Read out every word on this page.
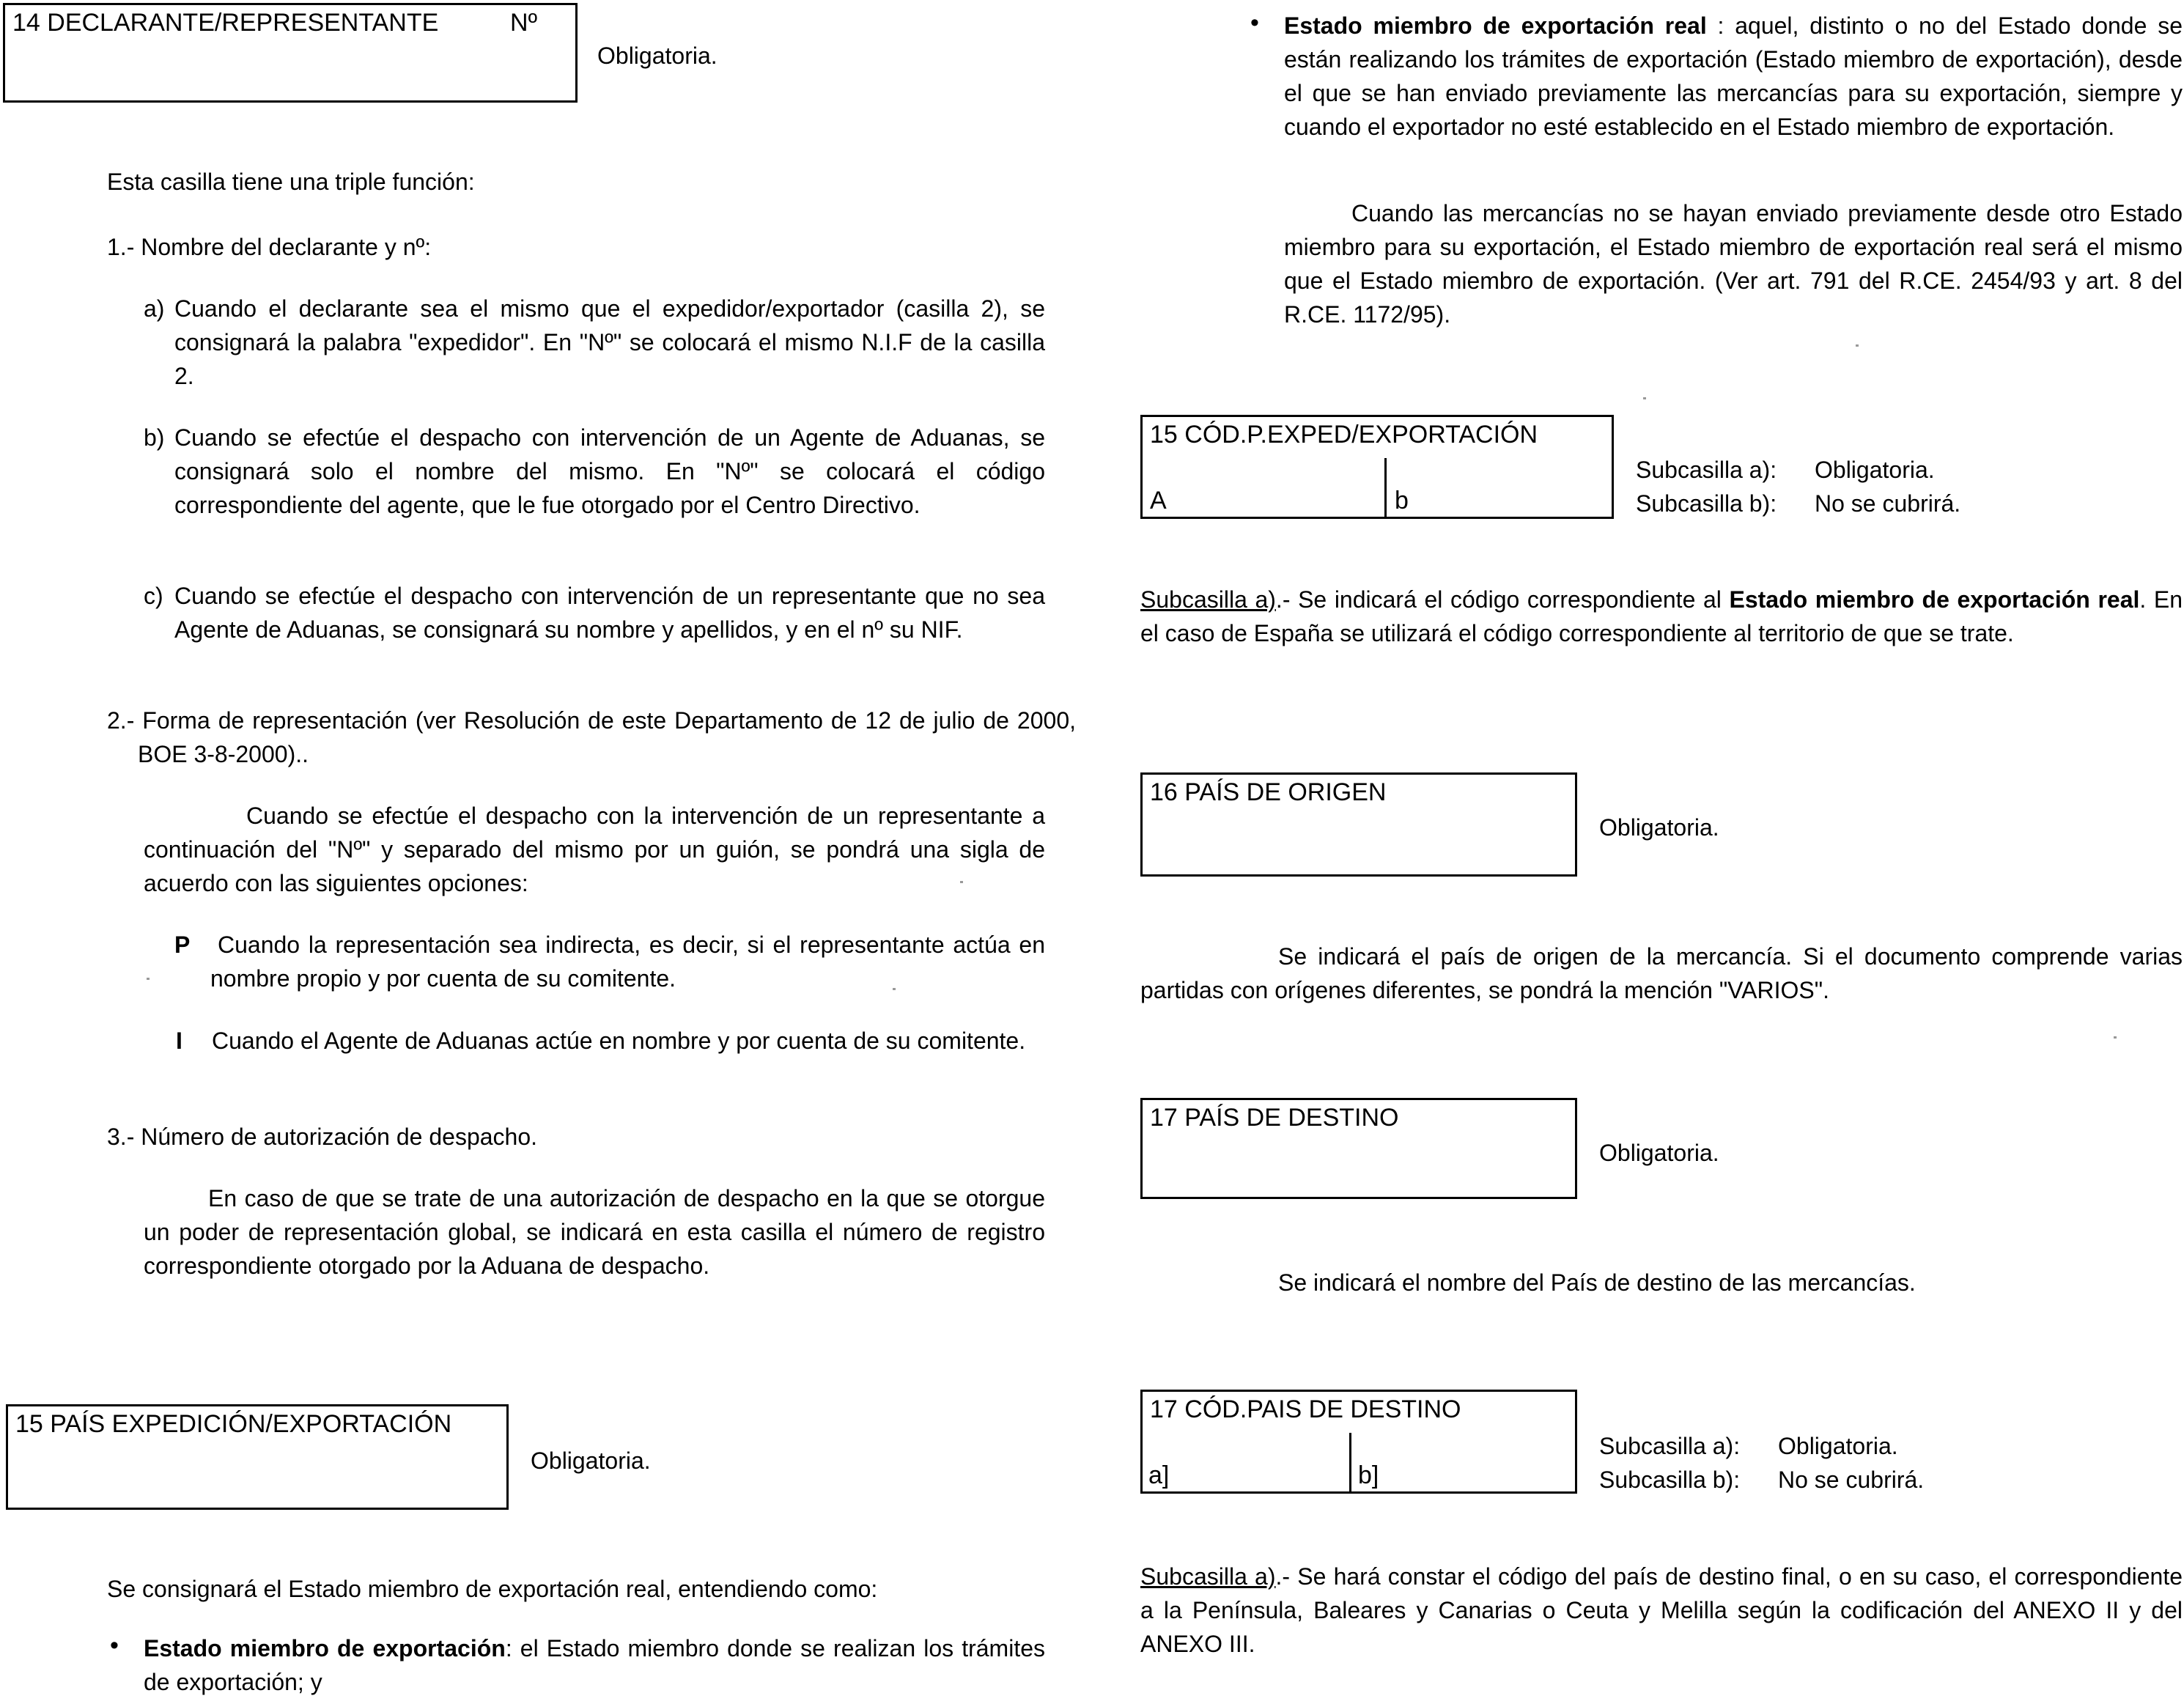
14 DECLARANTE/REPRESENTANTE	Nº
Obligatoria.
Esta casilla tiene una triple función:
1.- Nombre del declarante y nº:
a) Cuando el declarante sea el mismo que el expedidor/exportador (casilla 2), se consignará la palabra "expedidor". En "Nº" se colocará el mismo N.I.F de la casilla 2.
b) Cuando se efectúe el despacho con intervención de un Agente de Aduanas, se consignará solo el nombre del mismo. En "Nº" se colocará el código correspondiente del agente, que le fue otorgado por el Centro Directivo.
c) Cuando se efectúe el despacho con intervención de un representante que no sea Agente de Aduanas, se consignará su nombre y apellidos, y en el nº su NIF.
2.- Forma de representación (ver Resolución de este Departamento de 12 de julio de 2000, BOE 3-8-2000)..
Cuando se efectúe el despacho con la intervención de un representante a continuación del "Nº" y separado del mismo por un guión, se pondrá una sigla de acuerdo con las siguientes opciones:
P	Cuando la representación sea indirecta, es decir, si el representante actúa en nombre propio y por cuenta de su comitente.
I Cuando el Agente de Aduanas actúe en nombre y por cuenta de su comitente.
3.- Número de autorización de despacho.
En caso de que se trate de una autorización de despacho en la que se otorgue un poder de representación global, se indicará en esta casilla el número de registro correspondiente otorgado por la Aduana de despacho.
15 PAÍS EXPEDICIÓN/EXPORTACIÓN
Obligatoria.
Se consignará el Estado miembro de exportación real, entendiendo como:
• Estado miembro de exportación: el Estado miembro donde se realizan los trámites de exportación; y
• Estado miembro de exportación real : aquel, distinto o no del Estado donde se están realizando los trámites de exportación (Estado miembro de exportación), desde el que se han enviado previamente las mercancías para su exportación, siempre y cuando el exportador no esté establecido en el Estado miembro de exportación.
Cuando las mercancías no se hayan enviado previamente desde otro Estado miembro para su exportación, el Estado miembro de exportación real será el mismo que el Estado miembro de exportación. (Ver art. 791 del R.CE. 2454/93 y art. 8 del R.CE. 1172/95).
15 CÓD.P.EXPED/EXPORTACIÓN
A	b
Subcasilla a): Obligatoria.
Subcasilla b): No se cubrirá.
Subcasilla a).- Se indicará el código correspondiente al Estado miembro de exportación real. En el caso de España se utilizará el código correspondiente al territorio de que se trate.
16 PAÍS DE ORIGEN
Obligatoria.
Se indicará el país de origen de la mercancía. Si el documento comprende varias partidas con orígenes diferentes, se pondrá la mención "VARIOS".
17 PAÍS DE DESTINO
Obligatoria.
Se indicará el nombre del País de destino de las mercancías.
17 CÓD.PAIS DE DESTINO
a]	b]
Subcasilla a): Obligatoria.
Subcasilla b): No se cubrirá.
Subcasilla a).- Se hará constar el código del país de destino final, o en su caso, el correspondiente a la Península, Baleares y Canarias o Ceuta y Melilla según la codificación del ANEXO II y del ANEXO III.
